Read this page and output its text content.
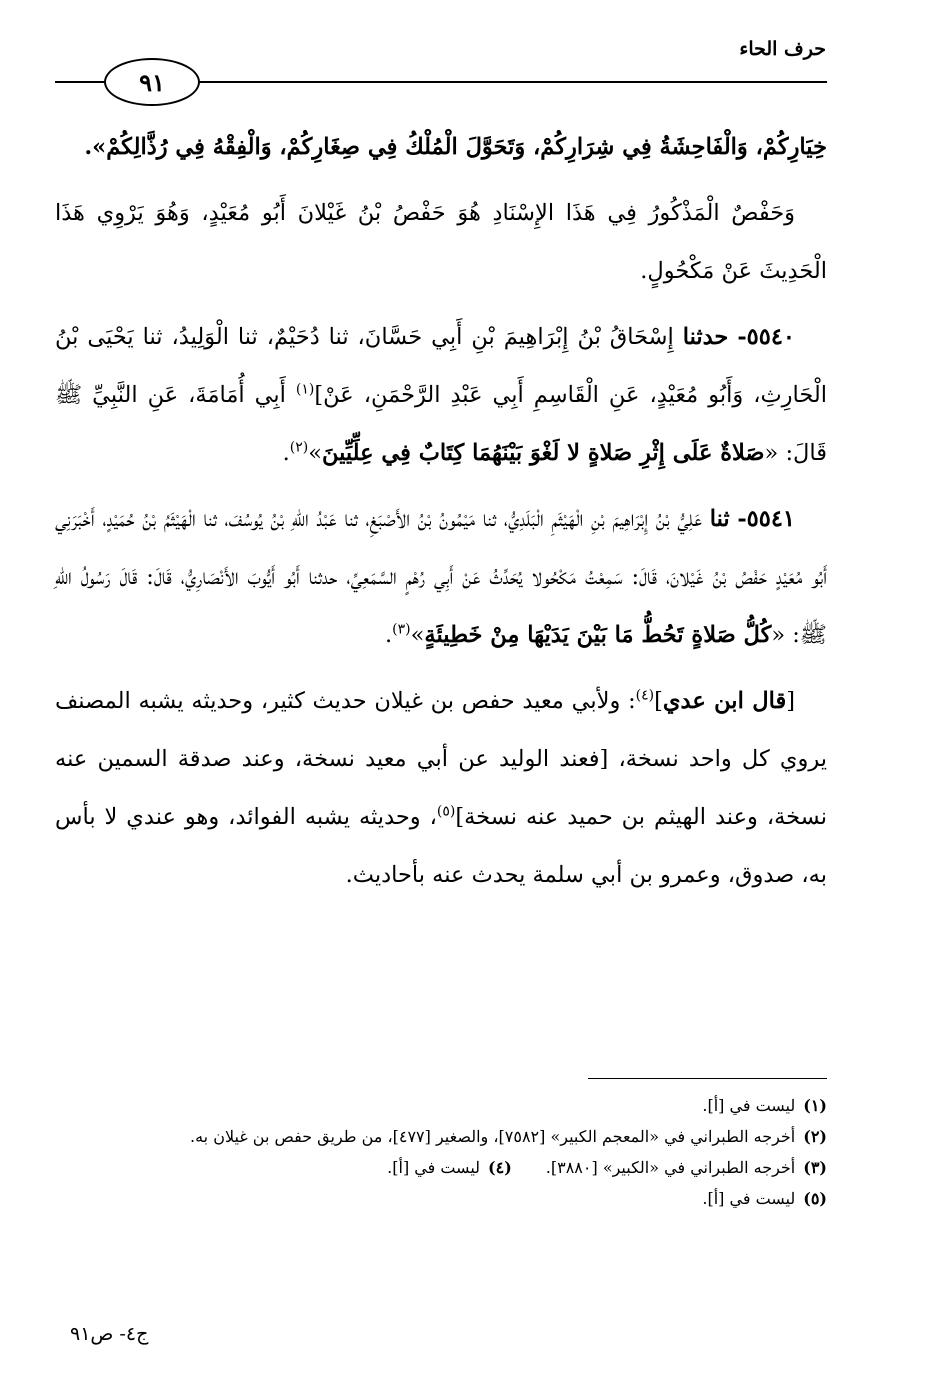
حرف الحاء
٩١

خِيَارِكُمْ، وَالْفَاحِشَةُ فِي شِرَارِكُمْ، وَتَحَوَّلَ الْمُلْكُ فِي صِغَارِكُمْ، وَالْفِقْهُ فِي رُذَّالِكُمْ».

وَحَفْصٌ الْمَذْكُورُ فِي هَذَا الإِسْنَادِ هُوَ حَفْصُ بْنُ غَيْلانَ أَبُو مُعَيْدٍ، وَهُوَ يَرْوِي هَذَا الْحَدِيثَ عَنْ مَكْحُولٍ.

٥٥٤٠- حدثنا إِسْحَاقُ بْنُ إِبْرَاهِيمَ بْنِ أَبِي حَسَّانَ، ثنا دُحَيْمٌ، ثنا الْوَلِيدُ، ثنا يَحْيَى بْنُ الْحَارِثِ، وَأَبُو مُعَيْدٍ، عَنِ الْقَاسِمِ أَبِي عَبْدِ الرَّحْمَنِ، عَنْ]$^{(١)}$ أَبِي أُمَامَةَ، عَنِ النَّبِيِّ ﷺ قَالَ: «صَلاةٌ عَلَى إِثْرِ صَلاةٍ لا لَغْوَ بَيْنَهُمَا كِتَابٌ فِي عِلِّيِّينَ»$^{(٢)}$.

٥٥٤١- ثنا عَلِيُّ بْنُ إِبْرَاهِيمَ بْنِ الْهَيْثَمِ الْبَلَدِيُّ، ثنا مَيْمُونُ بْنُ الأَصْبَغِ، ثنا عَبْدُ اللهِ بْنُ يُوسُفَ، ثنا الْهَيْثَمُ بْنُ حُمَيْدٍ، أَخْبَرَنِي أَبُو مُعَيْدٍ حَفْصُ بْنُ غَيْلانَ، قَالَ: سَمِعْتُ مَكْحُولا يُحَدِّثُ عَنْ أَبِي رُهْمٍ السَّمَعِيِّ، حدثنا أَبُو أَيُّوبَ الأَنْصَارِيُّ، قَالَ: قَالَ رَسُولُ اللهِ ﷺ: «كُلُّ صَلاةٍ تَحُطُّ مَا بَيْنَ يَدَيْهَا مِنْ خَطِيئَةٍ»$^{(٣)}$.

[قال ابن عدي]$^{(٤)}$: ولأبي معيد حفص بن غيلان حديث كثير، وحديثه يشبه المصنف يروي كل واحد نسخة، [فعند الوليد عن أبي معيد نسخة، وعند صدقة السمين عنه نسخة، وعند الهيثم بن حميد عنه نسخة]$^{(٥)}$، وحديثه يشبه الفوائد، وهو عندي لا بأس به، صدوق، وعمرو بن أبي سلمة يحدث عنه بأحاديث.

(١)ليست في [أ].

(٢)أخرجه الطبراني في «المعجم الكبير» [٧٥٨٢]، والصغير [٤٧٧]، من طريق حفص بن غيلان به.

(٣)أخرجه الطبراني في «الكبير» [٣٨٨٠].(٤)ليست في [أ].

(٥)ليست في [أ].

ج٤- ص٩١
